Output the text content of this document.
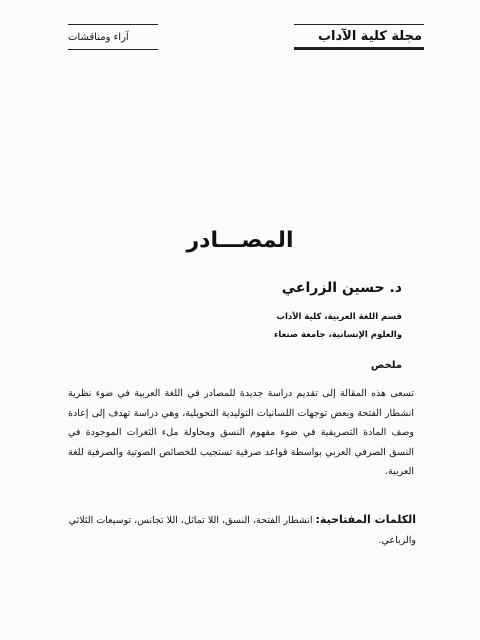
مجلة كلية الآداب
آراء ومناقشات
المصـــادر
د. حسين الزراعي
قسم اللغة العربية، كلية الآداب
والعلوم الإنسانية، جامعة صنعاء
ملخص
تسعى هذه المقالة إلى تقديم دراسة جديدة للمصادر في اللغة العربية في ضوء نظرية انشطار الفتحة وبعض توجهات اللسانيات التوليدية التحويلية، وهي دراسة تهدف إلى إعادة وصف المادة التصريفية في ضوء مفهوم النسق ومحاولة ملء الثغرات الموجودة في النسق الصرفي العربي بواسطة قواعد صرفية تستجيب للخصائص الصوتية والصرفية للغة العربية.
الكلمات المفتاحية: انشطار الفتحة، النسق، اللا تماثل، اللا تجانس، توسيعات الثلاثي والرباعي.
